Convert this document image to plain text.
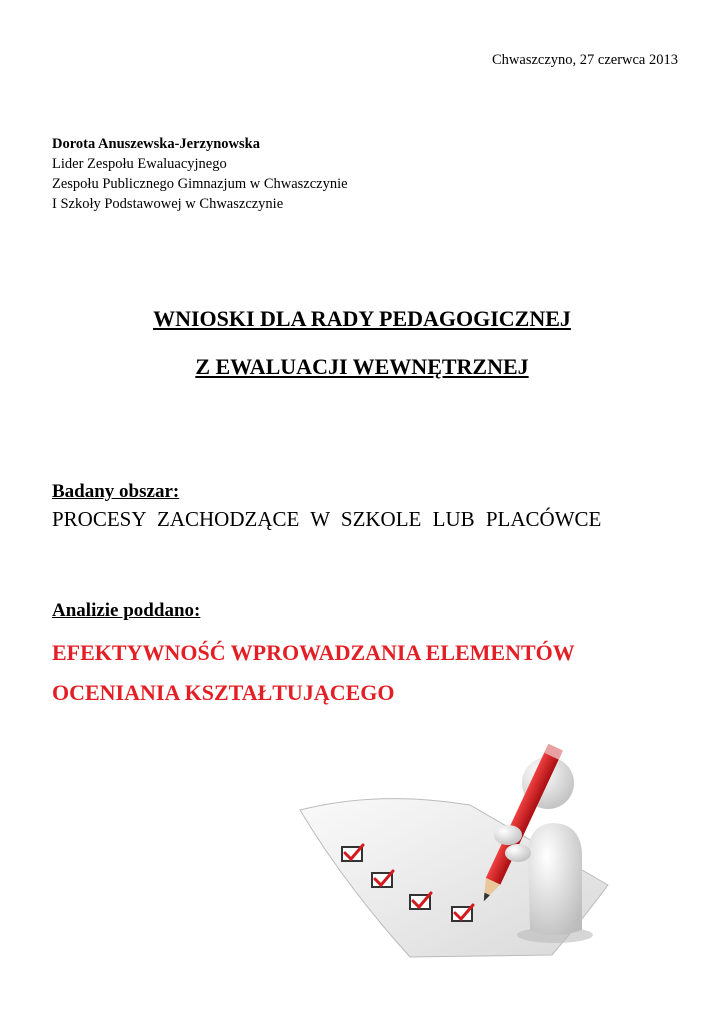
Chwaszczyno, 27 czerwca 2013
Dorota Anuszewska-Jerzynowska
Lider Zespołu Ewaluacyjnego
Zespołu Publicznego Gimnazjum w Chwaszczynie
I Szkoły Podstawowej w Chwaszczynie
WNIOSKI DLA RADY PEDAGOGICZNEJ
Z EWALUACJI WEWNĘTRZNEJ
Badany obszar:
PROCESY ZACHODZĄCE W SZKOLE LUB PLACÓWCE
Analizie poddano:
EFEKTYWNOŚĆ WPROWADZANIA ELEMENTÓW
OCENIANIA KSZTAŁTUJĄCEGO
